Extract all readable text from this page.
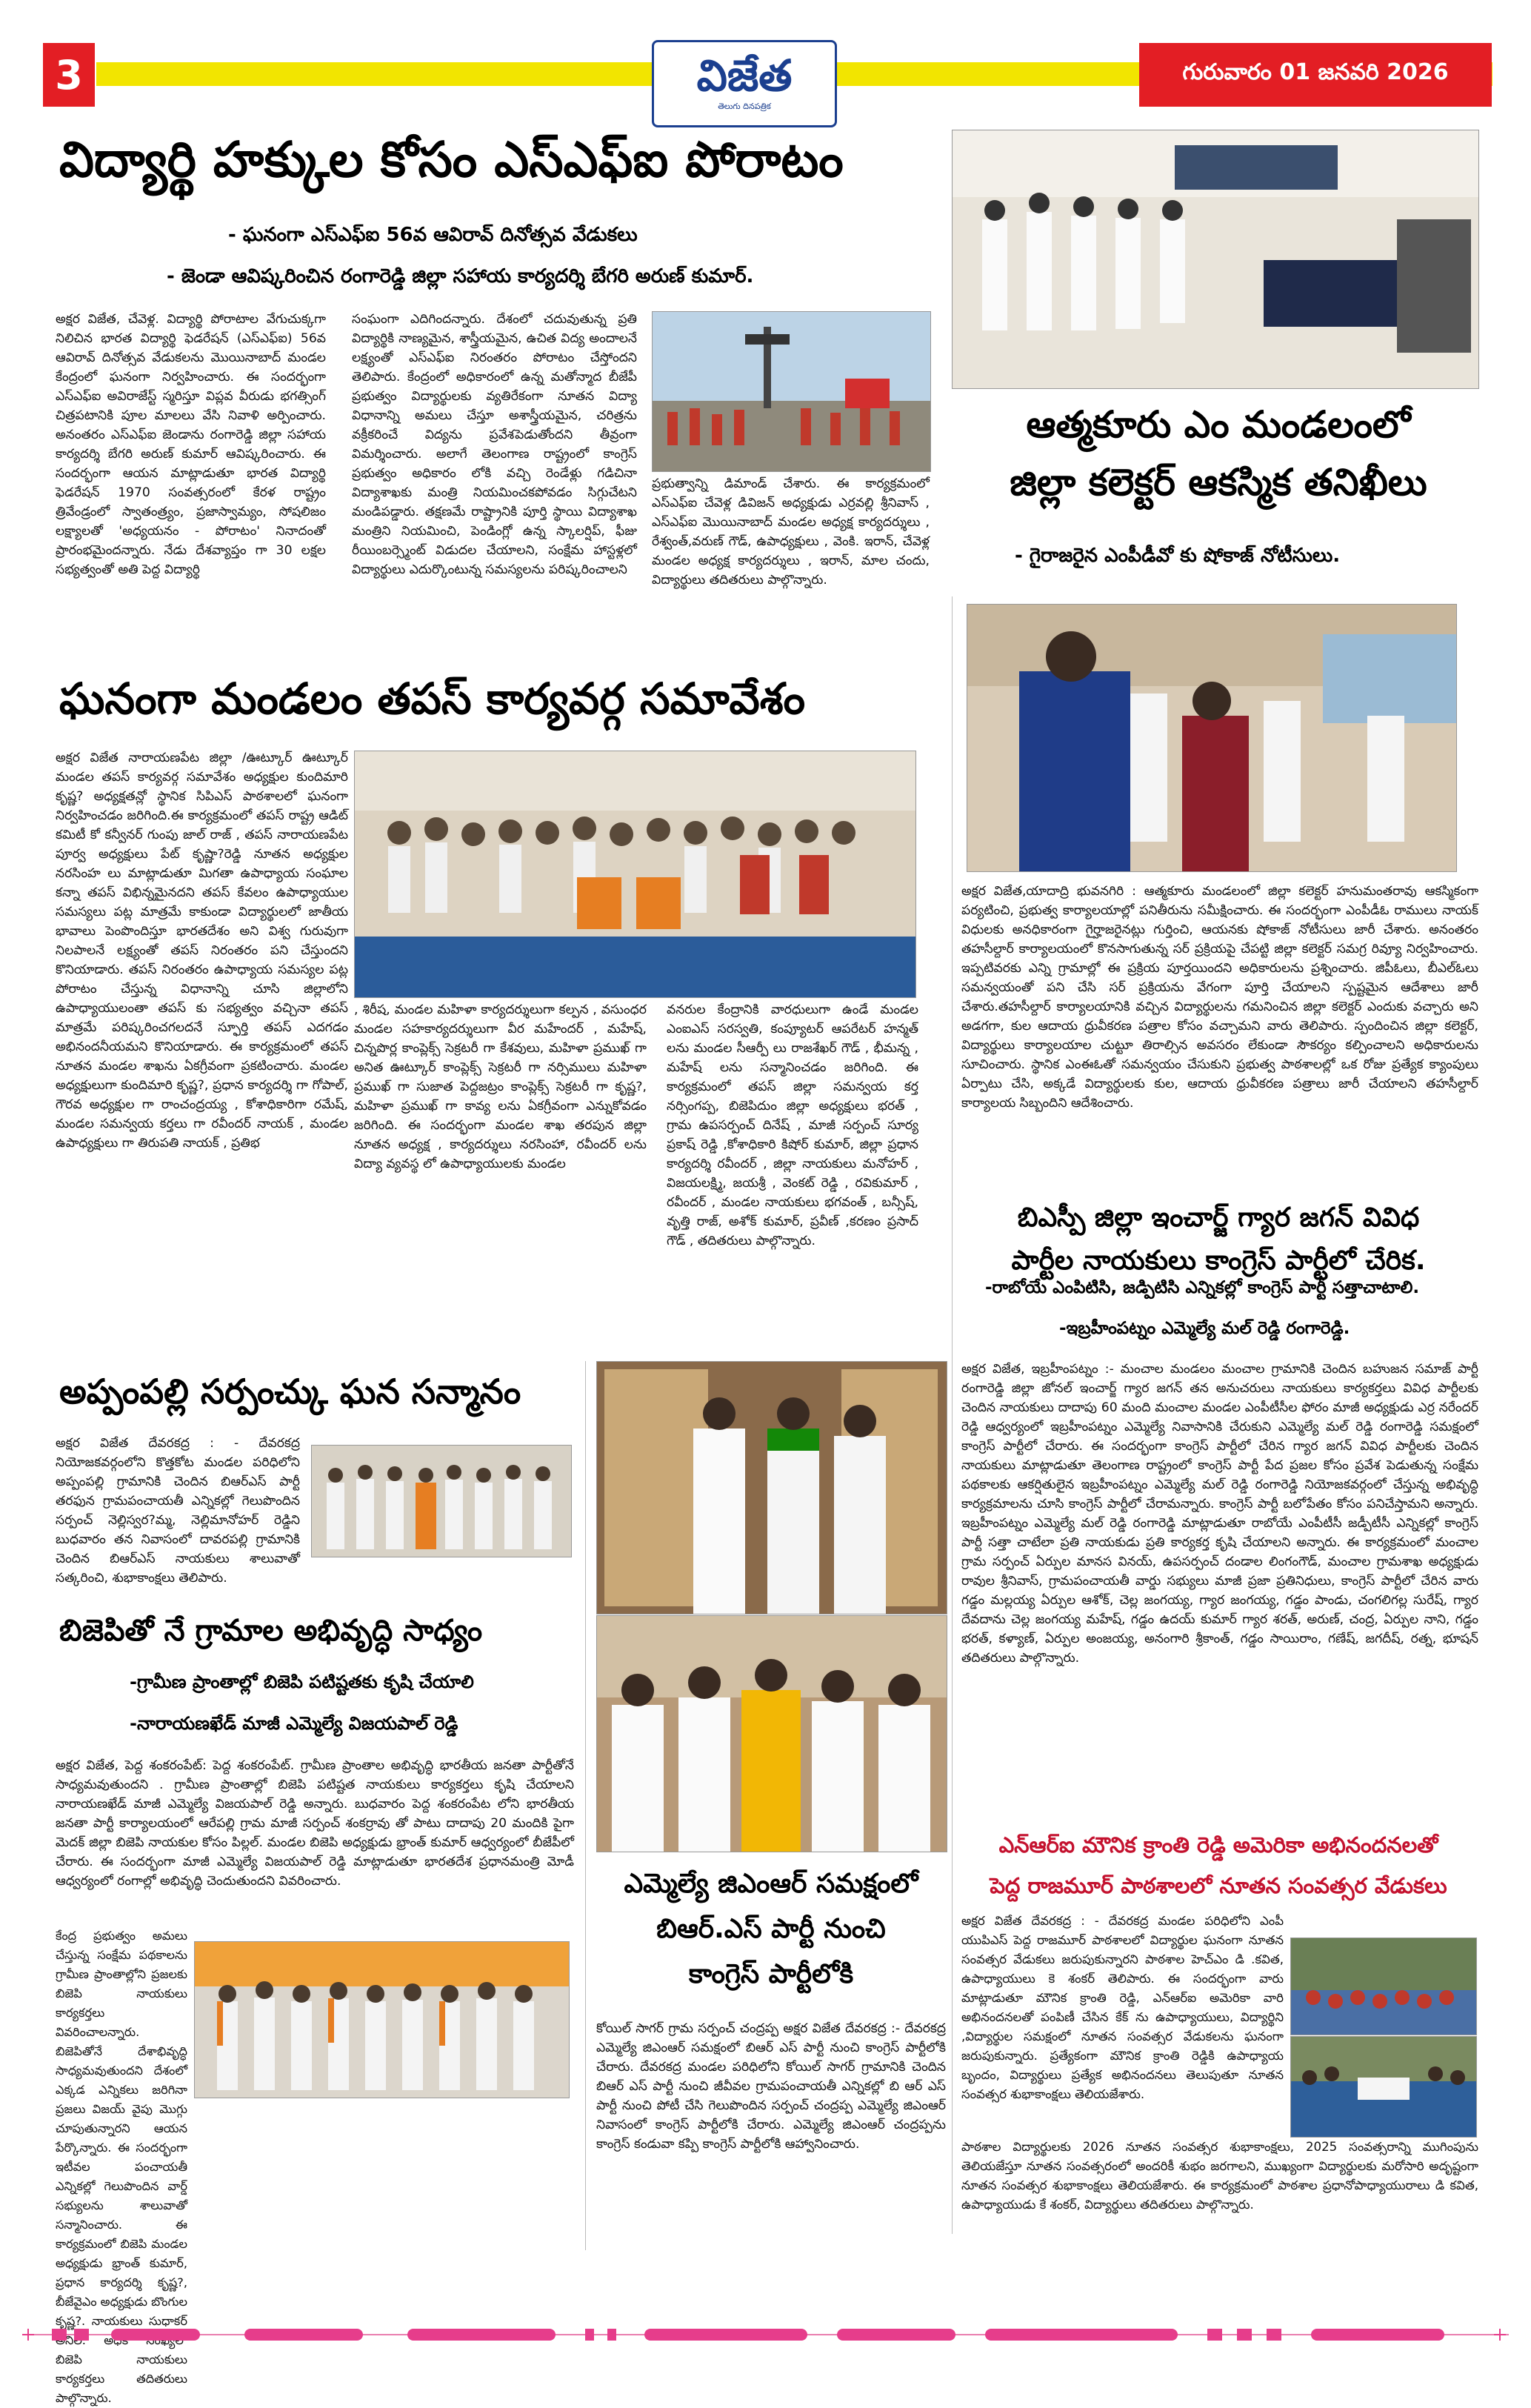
3	విజేత
తెలుగు దినపత్రిక
గురువారం 01 జనవరి 2026
విద్యార్థి హక్కుల కోసం ఎస్ఎఫ్ఐ పోరాటం
- ఘనంగా ఎస్ఎఫ్ఐ 56వ ఆవిరావ్ దినోత్సవ వేడుకలు
- జెండా ఆవిష్కరించిన రంగారెడ్డి జిల్లా సహాయ కార్యదర్శి బేగరి అరుణ్ కుమార్.
అక్షర విజేత, చేవెళ్ల. విద్యార్థి పోరాటాల వేగుచుక్కగా నిలిచిన భారత విద్యార్థి ఫెడరేషన్ (ఎస్ఎఫ్ఐ) 56వ ఆవిరావ్ దినోత్సవ వేడుకలను మొయినాబాద్ మండల కేంద్రంలో ఘనంగా నిర్వహించారు. ఈ సందర్భంగా ఎస్ఎఫ్ఐ అవిరాజేస్ట్ స్మరిస్తూ విప్లవ వీరుడు భగత్సింగ్ చిత్రపటానికి పూల మాలలు వేసి నివాళి అర్పించారు. అనంతరం ఎస్ఎఫ్ఐ జెండాను రంగారెడ్డి జిల్లా సహాయ కార్యదర్శి బేగరి అరుణ్ కుమార్ ఆవిష్కరించారు. ఈ సందర్భంగా ఆయన మాట్లాడుతూ భారత విద్యార్థి ఫెడరేషన్ 1970 సంవత్సరంలో కేరళ రాష్ట్రం త్రివేండ్రంలో స్వాతంత్ర్యం, ప్రజాస్వామ్యం, సోషలిజం లక్ష్యాలతో 'అధ్యయనం - పోరాటం' నినాదంతో ప్రారంభమైందన్నారు. నేడు దేశవ్యాప్తం గా 30 లక్షల సభ్యత్వంతో అతి పెద్ద విద్యార్థి
సంఘంగా ఎదిగిందన్నారు. దేశంలో చదువుతున్న ప్రతి విద్యార్థికి నాణ్యమైన, శాస్త్రీయమైన, ఉచిత విద్య అందాలనే లక్ష్యంతో ఎస్ఎఫ్ఐ నిరంతరం పోరాటం చేస్తోందని తెలిపారు. కేంద్రంలో అధికారంలో ఉన్న మతోన్మాద బీజేపీ ప్రభుత్వం విద్యార్థులకు వ్యతిరేకంగా నూతన విద్యా విధానాన్ని అమలు చేస్తూ అశాస్త్రీయమైన, చరిత్రను వక్రీకరించే విద్యను ప్రవేశపెడుతోందని తీవ్రంగా విమర్శించారు. అలాగే తెలంగాణ రాష్ట్రంలో కాంగ్రెస్ ప్రభుత్వం అధికారం లోకి వచ్చి రెండేళ్లు గడిచినా విద్యాశాఖకు మంత్రి నియమించకపోవడం సిగ్గుచేటని మండిపడ్డారు. తక్షణమే రాష్ట్రానికి పూర్తి స్థాయి విద్యాశాఖ మంత్రిని నియమించి, పెండింగ్లో ఉన్న స్కాలర్షిప్, ఫీజు రీయింబర్స్మెంట్ విడుదల చేయాలని, సంక్షేమ హాస్టళ్లలో విద్యార్థులు ఎదుర్కొంటున్న సమస్యలను పరిష్కరించాలని
ప్రభుత్వాన్ని డిమాండ్ చేశారు. ఈ కార్యక్రమంలో ఎస్ఎఫ్ఐ చేవెళ్ల డివిజన్ అధ్యక్షుడు ఎర్రవల్లి శ్రీనివాస్ , ఎస్ఎఫ్ఐ మొయినాబాద్ మండల అధ్యక్ష కార్యదర్శులు , రేశ్వంత్,వరుణ్ గౌడ్, ఉపాధ్యక్షులు , వెంకి. ఇరాన్, చేవెళ్ల మండల అధ్యక్ష కార్యదర్శులు , ఇరాన్, మాల చందు, విద్యార్థులు తదితరులు పాల్గొన్నారు.
ఆత్మకూరు ఎం మండలంలో
జిల్లా కలెక్టర్ ఆకస్మిక తనిఖీలు
- గైరాజరైన ఎంపీడీవో కు షోకాజ్ నోటీసులు.
అక్షర విజేత,యాదాద్రి భువనగిరి : ఆత్మకూరు మండలంలో జిల్లా కలెక్టర్ హనుమంతరావు ఆకస్మికంగా పర్యటించి, ప్రభుత్వ కార్యాలయాల్లో పనితీరును సమీక్షించారు. ఈ సందర్భంగా ఎంపీడీఓ రాములు నాయక్ విధులకు అనధికారంగా గైర్హాజరైనట్లు గుర్తించి, ఆయనకు షోకాజ్ నోటీసులు జారీ చేశారు. అనంతరం తహసీల్దార్ కార్యాలయంలో కొనసాగుతున్న సర్ ప్రక్రియపై చేపట్టి జిల్లా కలెక్టర్ సమగ్ర రివ్యూ నిర్వహించారు. ఇప్పటివరకు ఎన్ని గ్రామాల్లో ఈ ప్రక్రియ పూర్తయిందని అధికారులను ప్రశ్నించారు. జిపీఓలు, బీఎల్ఓలు సమన్వయంతో పని చేసి సర్ ప్రక్రియను వేగంగా పూర్తి చేయాలని స్పష్టమైన ఆదేశాలు జారీ చేశారు.తహసీల్దార్ కార్యాలయానికి వచ్చిన విద్యార్థులను గమనించిన జిల్లా కలెక్టర్ ఎందుకు వచ్చారు అని అడగగా, కుల ఆదాయ ధ్రువీకరణ పత్రాల కోసం వచ్చామని వారు తెలిపారు. స్పందించిన జిల్లా కలెక్టర్, విద్యార్థులు కార్యాలయాల చుట్టూ తిరాల్సిన అవసరం లేకుండా సౌకర్యం కల్పించాలని అధికారులను సూచించారు. స్థానిక ఎంఈఓతో సమన్వయం చేసుకుని ప్రభుత్వ పాఠశాలల్లో ఒక రోజు ప్రత్యేక క్యాంపులు ఏర్పాటు చేసి, అక్కడే విద్యార్థులకు కుల, ఆదాయ ధ్రువీకరణ పత్రాలు జారీ చేయాలని తహసీల్దార్ కార్యాలయ సిబ్బందిని ఆదేశించారు.
ఘనంగా మండలం తపస్ కార్యవర్గ సమావేశం
అక్షర విజేత నారాయణపేట జిల్లా /ఊట్కూర్ ఊట్కూర్ మండల తపస్ కార్యవర్గ సమావేశం అధ్యక్షుల కుందిమారి కృష్ణ? అధ్యక్షతన్లో స్థానిక సిపిఎస్ పాఠశాలలో ఘనంగా నిర్వహించడం జరిగింది.ఈ కార్యక్రమంలో తపస్ రాష్ట్ర ఆడిట్ కమిటీ కో కన్వీనర్ గుంపు జాల్ రాజ్ , తపస్ నారాయణపేట పూర్వ అధ్యక్షులు పేట్ కృష్ణా?రెడ్డి నూతన అధ్యక్షుల నరసింహ లు మాట్లాడుతూ మిగతా ఉపాధ్యాయ సంఘాల కన్నా తపస్ విభిన్నమైనదని తపస్ కేవలం ఉపాధ్యాయుల సమస్యలు పట్ల మాత్రమే కాకుండా విద్యార్థులలో జాతీయ భావాలు పెంపొందిస్తూ భారతదేశం అని విశ్వ గురువుగా నిలపాలనే లక్ష్యంతో తపస్ నిరంతరం పని చేస్తుందని కొనియాడారు. తపస్ నిరంతరం ఉపాధ్యాయ సమస్యల పట్ల పోరాటం చేస్తున్న విధానాన్ని చూసి జిల్లాలోని ఉపాధ్యాయులంతా తపస్ కు సభ్యత్వం వచ్చినా తపస్ మాత్రమే పరిష్కరించగలదనే స్ఫూర్తి తపస్ ఎదగడం అభినందనీయమని కొనియాడారు. ఈ కార్యక్రమంలో తపస్ నూతన మండల శాఖను ఏకగ్రీవంగా ప్రకటించారు. మండల అధ్యక్షులుగా కుందిమారి కృష్ణ?, ప్రధాన కార్యదర్శి గా గోపాల్, గౌరవ అధ్యక్షుల గా రాంచంద్రయ్య , కోశాధికారిగా రమేష్, మండల సమన్వయ కర్తలు గా రవీందర్ నాయక్ , మండల ఉపాధ్యక్షులు గా తిరుపతి నాయక్ , ప్రతిభ
, శిరీష, మండల మహిళా కార్యదర్శులుగా కల్పన , వసుంధర మండల సహకార్యదర్శులుగా వీర మహేందర్ , మహేష్, చిన్నపొర్ల కాంప్లెక్స్ సెక్రటరీ గా కేశవులు, మహిళా ప్రముఖ్ గా అనిత ఊట్కూర్ కాంప్లెక్స్ సెక్రటరీ గా నర్సిములు మహిళా ప్రముఖ్ గా సుజాత పెద్దజట్రం కాంప్లెక్స్ సెక్రటరీ గా కృష్ణ?, మహిళా ప్రముఖ్ గా కావ్య లను ఏకగ్రీవంగా ఎన్నుకోవడం జరిగింది. ఈ సందర్భంగా మండల శాఖ తరపున జిల్లా నూతన అధ్యక్ష , కార్యదర్శులు నరసింహా, రవీందర్ లను విద్యా వ్యవస్థ లో ఉపాధ్యాయులకు మండల
వనరుల కేంద్రానికి వారధులుగా ఉండే మండల ఎంఐఎస్ సరస్వతి, కంప్యూటర్ ఆపరేటర్ హన్మత్ లను మండల సీఆర్పీ లు రాజశేఖర్ గౌడ్ , భీమన్న , మహేష్ లను సన్మానించడం జరిగింది. ఈ కార్యక్రమంలో తపస్ జిల్లా సమన్వయ కర్త నర్సింగప్ప, బిజెపిదుం జిల్లా అధ్యక్షులు భరత్ , గ్రామ ఉపసర్పంచ్ దినేష్ , మాజీ సర్పంచ్ సూర్య ప్రకాష్ రెడ్డి ,కోశాధికారి కిషోర్ కుమార్, జిల్లా ప్రధాన కార్యదర్శి రవీందర్ , జిల్లా నాయకులు మనోహర్ , విజయలక్ష్మి, జయశ్రీ , వెంకట్ రెడ్డి , రవికుమార్ , రవీందర్ , మండల నాయకులు భగవంత్ , బన్సీష్, వృత్తి రాజ్, అశోక్ కుమార్, ప్రవీణ్ ,కరణం ప్రసాద్ గౌడ్ , తదితరులు పాల్గొన్నారు.
బిఎస్పీ జిల్లా ఇంచార్జ్ గ్యార జగన్ వివిధ
పార్టీల నాయకులు కాంగ్రెస్ పార్టీలో చేరిక.
-రాబోయే ఎంపిటిసి, జడ్పిటిసి ఎన్నికల్లో కాంగ్రెస్ పార్టీ సత్తాచాటాలి.
-ఇబ్రహీంపట్నం ఎమ్మెల్యే మల్ రెడ్డి రంగారెడ్డి.
అక్షర విజేత, ఇబ్రహీంపట్నం :- మంచాల మండలం మంచాల గ్రామానికి చెందిన బహుజన సమాజ్ పార్టీ రంగారెడ్డి జిల్లా జోనల్ ఇంచార్జ్ గ్యార జగన్ తన అనుచరులు నాయకులు కార్యకర్తలు వివిధ పార్టీలకు చెందిన నాయకులు దాదాపు 60 మంది మంచాల మండల ఎంపీటీసీల ఫోరం మాజీ అధ్యక్షుడు ఎర్ర నరేందర్ రెడ్డి ఆధ్వర్యంలో ఇబ్రహీంపట్నం ఎమ్మెల్యే నివాసానికి చేరుకుని ఎమ్మెల్యే మల్ రెడ్డి రంగారెడ్డి సమక్షంలో కాంగ్రెస్ పార్టీలో చేరారు. ఈ సందర్భంగా కాంగ్రెస్ పార్టీలో చేరిన గ్యార జగన్ వివిధ పార్టీలకు చెందిన నాయకులు మాట్లాడుతూ తెలంగాణ రాష్ట్రంలో కాంగ్రెస్ పార్టీ పేద ప్రజల కోసం ప్రవేశ పెడుతున్న సంక్షేమ పథకాలకు ఆకర్షితులైన ఇబ్రహీంపట్నం ఎమ్మెల్యే మల్ రెడ్డి రంగారెడ్డి నియోజకవర్గంలో చేస్తున్న అభివృద్ధి కార్యక్రమాలను చూసి కాంగ్రెస్ పార్టీలో చేరామన్నారు. కాంగ్రెస్ పార్టీ బలోపేతం కోసం పనిచేస్తామని అన్నారు. ఇబ్రహీంపట్నం ఎమ్మెల్యే మల్ రెడ్డి రంగారెడ్డి మాట్లాడుతూ రాబోయే ఎంపీటీసీ జడ్పీటీసీ ఎన్నికల్లో కాంగ్రెస్ పార్టీ సత్తా చాటేలా ప్రతి నాయకుడు ప్రతి కార్యకర్త కృషి చేయాలని అన్నారు. ఈ కార్యక్రమంలో మంచాల గ్రామ సర్పంచ్ ఏర్పుల మానస వినయ్, ఉపసర్పంచ్ దండాల లింగంగౌడ్, మంచాల గ్రామశాఖ అధ్యక్షుడు రావుల శ్రీనివాస్, గ్రామపంచాయతీ వార్డు సభ్యులు మాజీ ప్రజా ప్రతినిధులు, కాంగ్రెస్ పార్టీలో చేరిన వారు గడ్డం మల్లయ్య ఏర్పుల ఆశోక్, చెల్ల జంగయ్య, గ్యార జంగయ్య, గడ్డం పాండు, చంగలిగల్ల సురేష్, గ్యార దేవదాను చెల్ల జంగయ్య మహేష్, గడ్డం ఉదయ్ కుమార్ గ్యార శరత్, అరుణ్, చంద్ర, ఏర్పుల నాని, గడ్డం భరత్, కళ్యాణ్, ఏర్పుల అంజయ్య, అనంగారి శ్రీకాంత్, గడ్డం సాయిరాం, గణేష్, జగదీష్, రత్న, భూషన్ తదితరులు పాల్గొన్నారు.
అప్పంపల్లి సర్పంచ్కు ఘన సన్మానం
అక్షర విజేత దేవరకద్ర : - దేవరకద్ర నియోజకవర్గంలోని కొత్తకోట మండల పరిధిలోని అప్పంపల్లి గ్రామానికి చెందిన బిఆర్ఎస్ పార్టీ తరఫున గ్రామపంచాయతీ ఎన్నికల్లో గెలుపొందిన సర్పంచ్ నెల్లిస్వర?మ్మ, నెల్లిమానోహర్ రెడ్డిని బుధవారం తన నివాసంలో దావరపల్లి గ్రామానికి చెందిన బిఆర్ఎస్ నాయకులు శాలువాతో సత్కరించి, శుభాకాంక్షలు తెలిపారు.
బిజెపితో నే గ్రామాల అభివృద్ధి సాధ్యం
-గ్రామీణ ప్రాంతాల్లో బిజెపి పటిష్టతకు కృషి చేయాలి
-నారాయణఖేడ్ మాజీ ఎమ్మెల్యే విజయపాల్ రెడ్డి
అక్షర విజేత, పెద్ద శంకరంపేట్: పెద్ద శంకరంపేట్. గ్రామీణ ప్రాంతాల అభివృద్ధి భారతీయ జనతా పార్టీతోనే సాధ్యమవుతుందని . గ్రామీణ ప్రాంతాల్లో బిజెపి పటిష్టత నాయకులు కార్యకర్తలు కృషి చేయాలని నారాయణఖేడ్ మాజీ ఎమ్మెల్యే విజయపాల్ రెడ్డి అన్నారు. బుధవారం పెద్ద శంకరంపేట లోని భారతీయ జనతా పార్టీ కార్యాలయంలో ఆరేపల్లి గ్రామ మాజీ సర్పంచ్ శంకర్రావు తో పాటు దాదాపు 20 మందికి పైగా మెదక్ జిల్లా బిజెపి నాయకుల కోసం పిల్లల్. మండల బిజెపి అధ్యక్షుడు భ్రాంత్ కుమార్ ఆధ్వర్యంలో బీజేపీలో చేరారు. ఈ సందర్భంగా మాజీ ఎమ్మెల్యే విజయపాల్ రెడ్డి మాట్లాడుతూ భారతదేశ ప్రధానమంత్రి మోడీ ఆధ్వర్యంలో రంగాల్లో అభివృద్ధి చెందుతుందని వివరించారు.
కేంద్ర ప్రభుత్వం అమలు చేస్తున్న సంక్షేమ పథకాలను గ్రామీణ ప్రాంతాల్లోని ప్రజలకు బిజెపి నాయకులు కార్యకర్తలు వివరించాలన్నారు. బిజెపితోనే దేశాభివృద్ధి సాధ్యమవుతుందని దేశంలో ఎక్కడ ఎన్నికలు జరిగినా ప్రజలు విజయ్ వైపు మొగ్గు చూపుతున్నారని ఆయన పేర్కొన్నారు. ఈ సందర్భంగా ఇటీవల పంచాయతీ ఎన్నికల్లో గెలుపొందిన వార్డ్ సభ్యులను శాలువాతో సన్మానించారు. ఈ కార్యక్రమంలో బిజెపి మండల అధ్యక్షుడు భ్రాంత్ కుమార్, ప్రధాన కార్యదర్శి కృష్ణ?, బీజేవైఎం అధ్యక్షుడు బొంగుల కృష్ణ?. నాయకులు సుధాకర్ అనిల్. బిజెపి నాయకులు కార్యకర్తలు తదితరులు పాల్గొన్నారు.
ఎమ్మెల్యే జిఎంఆర్ సమక్షంలో
బిఆర్.ఎస్ పార్టీ నుంచి
కాంగ్రెస్ పార్టీలోకి
కోయిల్ సాగర్ గ్రామ సర్పంచ్ చంద్రప్ప అక్షర విజేత దేవరకద్ర :- దేవరకద్ర ఎమ్మెల్యే జిఎంఆర్ సమక్షంలో బిఆర్ ఎస్ పార్టీ నుంచి కాంగ్రెస్ పార్టీలోకి చేరారు. దేవరకద్ర మండల పరిధిలోని కోయిల్ సాగర్ గ్రామానికి చెందిన బిఆర్ ఎస్ పార్టీ నుంచి జీవీవల గ్రామపంచాయతీ ఎన్నికల్లో బి ఆర్ ఎస్ పార్టీ నుంచి పోటీ చేసి గెలుపొందిన సర్పంచ్ చంద్రప్ప ఎమ్మెల్యే జిఎంఆర్ నివాసంలో కాంగ్రెస్ పార్టీలోకి చేరారు. ఎమ్మెల్యే జిఎంఆర్ చంద్రప్పను కాంగ్రెస్ కండువా కప్పి కాంగ్రెస్ పార్టీలోకి ఆహ్వానించారు.
ఎన్ఆర్ఐ మౌనిక క్రాంతి రెడ్డి అమెరికా అభినందనలతో
పెద్ద రాజమూర్ పాఠశాలలో నూతన సంవత్సర వేడుకలు
అక్షర విజేత దేవరకద్ర : - దేవరకద్ర మండల పరిధిలోని ఎంపీ యుపిఎస్ పెద్ద రాజమూర్ పాఠశాలలో విద్యార్థుల ఘనంగా నూతన సంవత్సర వేడుకలు జరుపుకున్నారని పాఠశాల హెచ్ఎం డి .కవిత, ఉపాధ్యాయులు కె శంకర్ తెలిపారు. ఈ సందర్భంగా వారు మాట్లాడుతూ మౌనిక క్రాంతి రెడ్డి, ఎన్ఆర్ఐ అమెరికా వారి అభినందనలతో పంపిణీ చేసిన కేక్ ను ఉపాధ్యాయులు, విద్యార్థిని ,విద్యార్థుల సమక్షంలో నూతన సంవత్సర వేడుకలను ఘనంగా జరుపుకున్నారు. ప్రత్యేకంగా మౌనిక క్రాంతి రెడ్డికి ఉపాధ్యాయ బృందం, విద్యార్థులు ప్రత్యేక అభినందనలు తెలుపుతూ నూతన సంవత్సర శుభాకాంక్షలు తెలియజేశారు.
పాఠశాల విద్యార్థులకు 2026 నూతన సంవత్సర శుభాకాంక్షలు, 2025 సంవత్సరాన్ని ముగింపును తెలియజేస్తూ నూతన సంవత్సరంలో అందరికీ శుభం జరగాలని, ముఖ్యంగా విద్యార్థులకు మరోసారి అదృష్టంగా నూతన సంవత్సర శుభాకాంక్షలు తెలియజేశారు. ఈ కార్యక్రమంలో పాఠశాల ప్రధానోపాధ్యాయురాలు డి కవిత, ఉపాధ్యాయుడు కే శంకర్, విద్యార్థులు తదితరులు పాల్గొన్నారు.
